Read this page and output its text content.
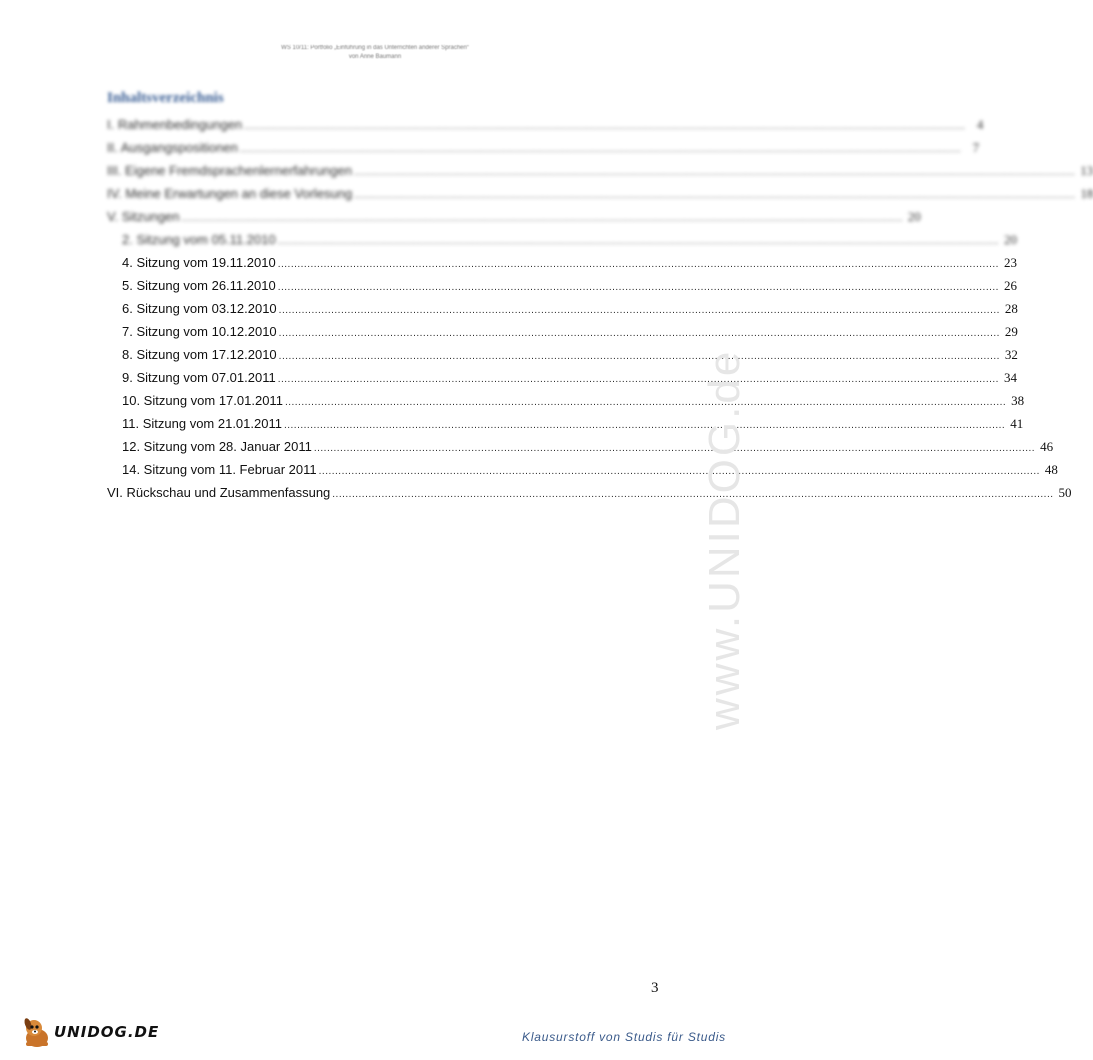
WS 10/11: Portfolio „Einführung in das Unterrichten anderer Sprachen“
von Anne Baumann
Inhaltsverzeichnis
I. Rahmenbedingungen ............................................................................................................................................................................................................................ 4
II. Ausgangspositionen ............................................................................................................................................................................................................................ 7
III. Eigene Fremdsprachenlernerfahrungen ............................................................................................................................................................................................................................ 13
IV. Meine Erwartungen an diese Vorlesung ............................................................................................................................................................................................................................ 18
V. Sitzungen ............................................................................................................................................................................................................................ 20
2. Sitzung vom 05.11.2010 ............................................................................................................................................................................................................................ 20
4. Sitzung vom 19.11.2010 ............................................................................................................................................................................................................................ 23
5. Sitzung vom 26.11.2010 ............................................................................................................................................................................................................................ 26
6. Sitzung vom 03.12.2010 ............................................................................................................................................................................................................................ 28
7. Sitzung vom 10.12.2010 ............................................................................................................................................................................................................................ 29
8. Sitzung vom 17.12.2010 ............................................................................................................................................................................................................................ 32
9. Sitzung vom 07.01.2011 ............................................................................................................................................................................................................................ 34
10. Sitzung vom 17.01.2011 ............................................................................................................................................................................................................................ 38
11. Sitzung vom 21.01.2011 ............................................................................................................................................................................................................................ 41
12. Sitzung vom 28. Januar 2011 ............................................................................................................................................................................................................................ 46
14. Sitzung vom 11. Februar 2011 ............................................................................................................................................................................................................................ 48
VI. Rückschau und Zusammenfassung ............................................................................................................................................................................................................................ 50
3
www.UNIDOG.de
UNIDOG.DE	Klausurstoff von Studis für Studis
